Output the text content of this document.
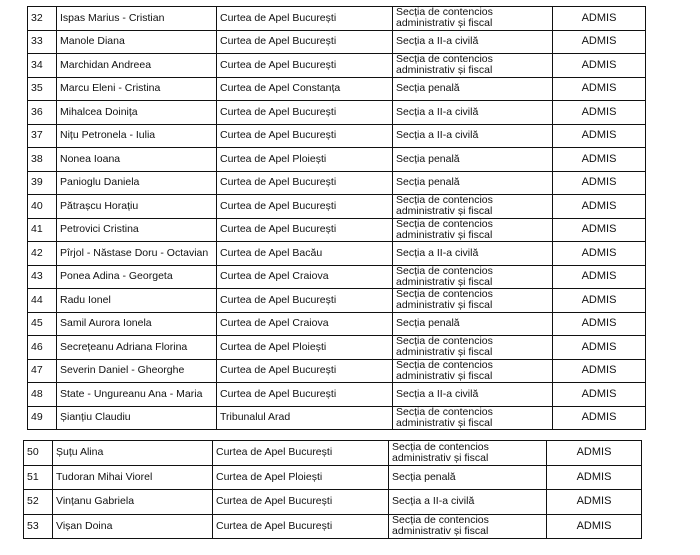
32	Ispas Marius - Cristian	Curtea de Apel București	Secția de contencios administrativ și fiscal	ADMIS
33	Manole Diana	Curtea de Apel București	Secția a II-a civilă	ADMIS
34	Marchidan Andreea	Curtea de Apel București	Secția de contencios administrativ și fiscal	ADMIS
35	Marcu Eleni - Cristina	Curtea de Apel Constanța	Secția penală	ADMIS
36	Mihalcea Doinița	Curtea de Apel București	Secția a II-a civilă	ADMIS
37	Nițu Petronela - Iulia	Curtea de Apel București	Secția a II-a civilă	ADMIS
38	Nonea Ioana	Curtea de Apel Ploiești	Secția penală	ADMIS
39	Panioglu Daniela	Curtea de Apel București	Secția penală	ADMIS
40	Pătrașcu Horațiu	Curtea de Apel București	Secția de contencios administrativ și fiscal	ADMIS
41	Petrovici Cristina	Curtea de Apel București	Secția de contencios administrativ și fiscal	ADMIS
42	Pîrjol - Năstase Doru - Octavian	Curtea de Apel Bacău	Secția a II-a civilă	ADMIS
43	Ponea Adina - Georgeta	Curtea de Apel Craiova	Secția de contencios administrativ și fiscal	ADMIS
44	Radu Ionel	Curtea de Apel București	Secția de contencios administrativ și fiscal	ADMIS
45	Samil Aurora Ionela	Curtea de Apel Craiova	Secția penală	ADMIS
46	Secrețeanu Adriana Florina	Curtea de Apel Ploiești	Secția de contencios administrativ și fiscal	ADMIS
47	Severin Daniel - Gheorghe	Curtea de Apel București	Secția de contencios administrativ și fiscal	ADMIS
48	State - Ungureanu Ana - Maria	Curtea de Apel București	Secția a II-a civilă	ADMIS
49	Șianțiu Claudiu	Tribunalul Arad	Secția de contencios administrativ și fiscal	ADMIS
50	Șuțu Alina	Curtea de Apel București	Secția de contencios administrativ și fiscal	ADMIS
51	Tudoran Mihai Viorel	Curtea de Apel Ploiești	Secția penală	ADMIS
52	Vințanu Gabriela	Curtea de Apel București	Secția a II-a civilă	ADMIS
53	Vișan Doina	Curtea de Apel București	Secția de contencios administrativ și fiscal	ADMIS
